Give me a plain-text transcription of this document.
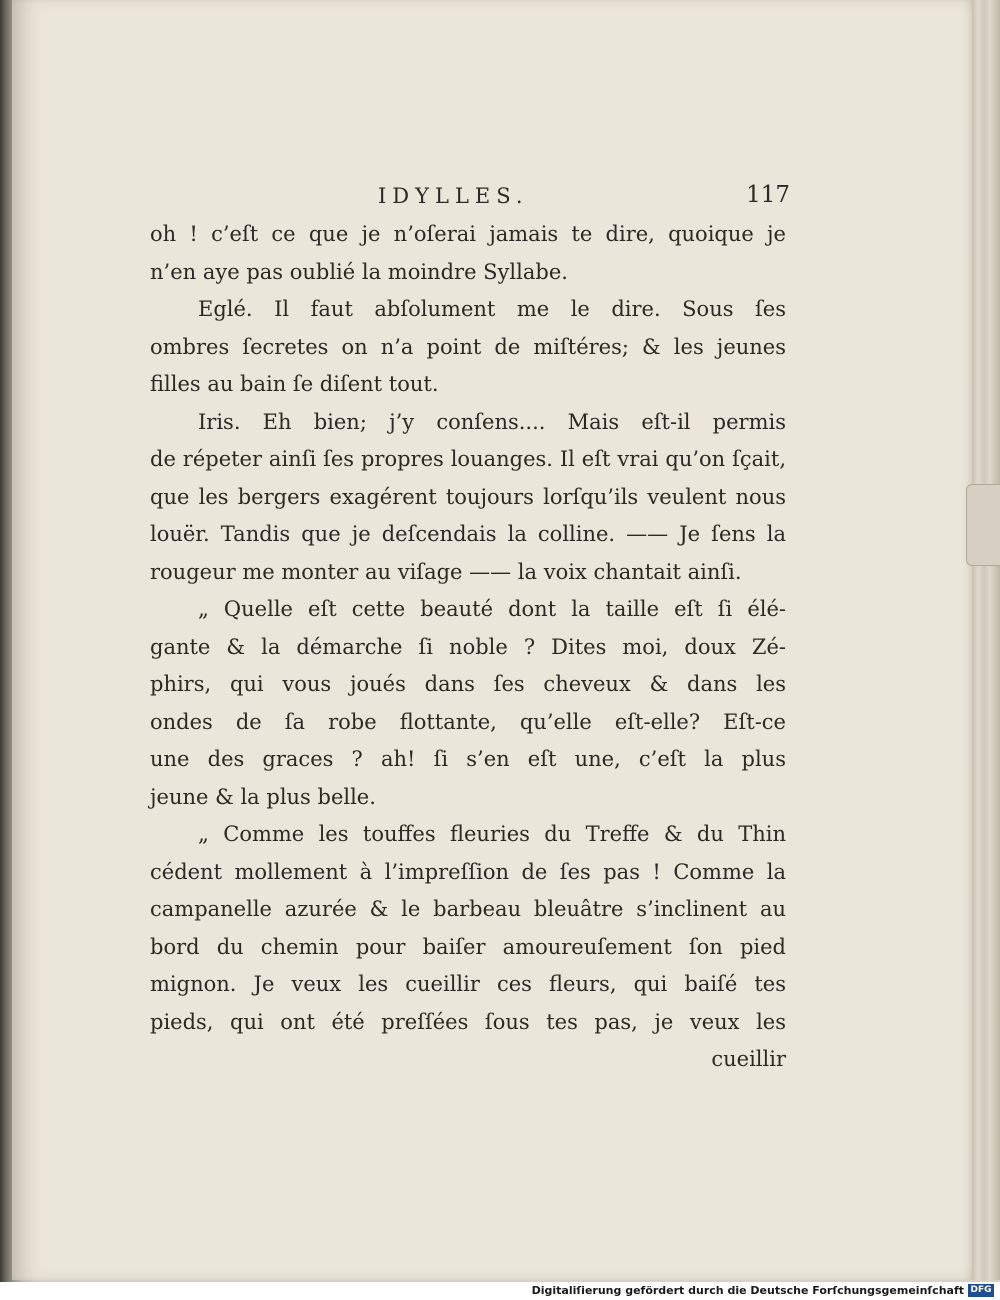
IDYLLES.	117
oh ! c’eſt ce que je n’oſerai jamais te dire, quoique je
n’en aye pas oublié la moindre Syllabe.
Eglé. Il faut abſolument me le dire. Sous ſes
ombres ſecretes on n’a point de miſtéres; & les jeunes
filles au bain ſe diſent tout.
Iris. Eh bien; j’y conſens.... Mais eſt-il permis
de répeter ainſi ſes propres louanges. Il eſt vrai qu’on ſçait,
que les bergers exagérent toujours lorſqu’ils veulent nous
louër. Tandis que je deſcendais la colline. —— Je ſens la
rougeur me monter au viſage —— la voix chantait ainſi.
„ Quelle eſt cette beauté dont la taille eſt ſi élé-
gante & la démarche ſi noble ? Dites moi, doux Zé-
phirs, qui vous joués dans ſes cheveux & dans les
ondes de ſa robe flottante, qu’elle eſt-elle? Eſt-ce
une des graces ? ah! ſi s’en eſt une, c’eſt la plus
jeune & la plus belle.
„ Comme les touffes fleuries du Treffe & du Thin
cédent mollement à l’impreſſion de ſes pas ! Comme la
campanelle azurée & le barbeau bleuâtre s’inclinent au
bord du chemin pour baiſer amoureuſement ſon pied
mignon. Je veux les cueillir ces fleurs, qui baiſé tes
pieds, qui ont été preſſées ſous tes pas, je veux les
cueillir
Digitaliſierung gefördert durch die Deutsche Forſchungsgemeinſchaft DFG
